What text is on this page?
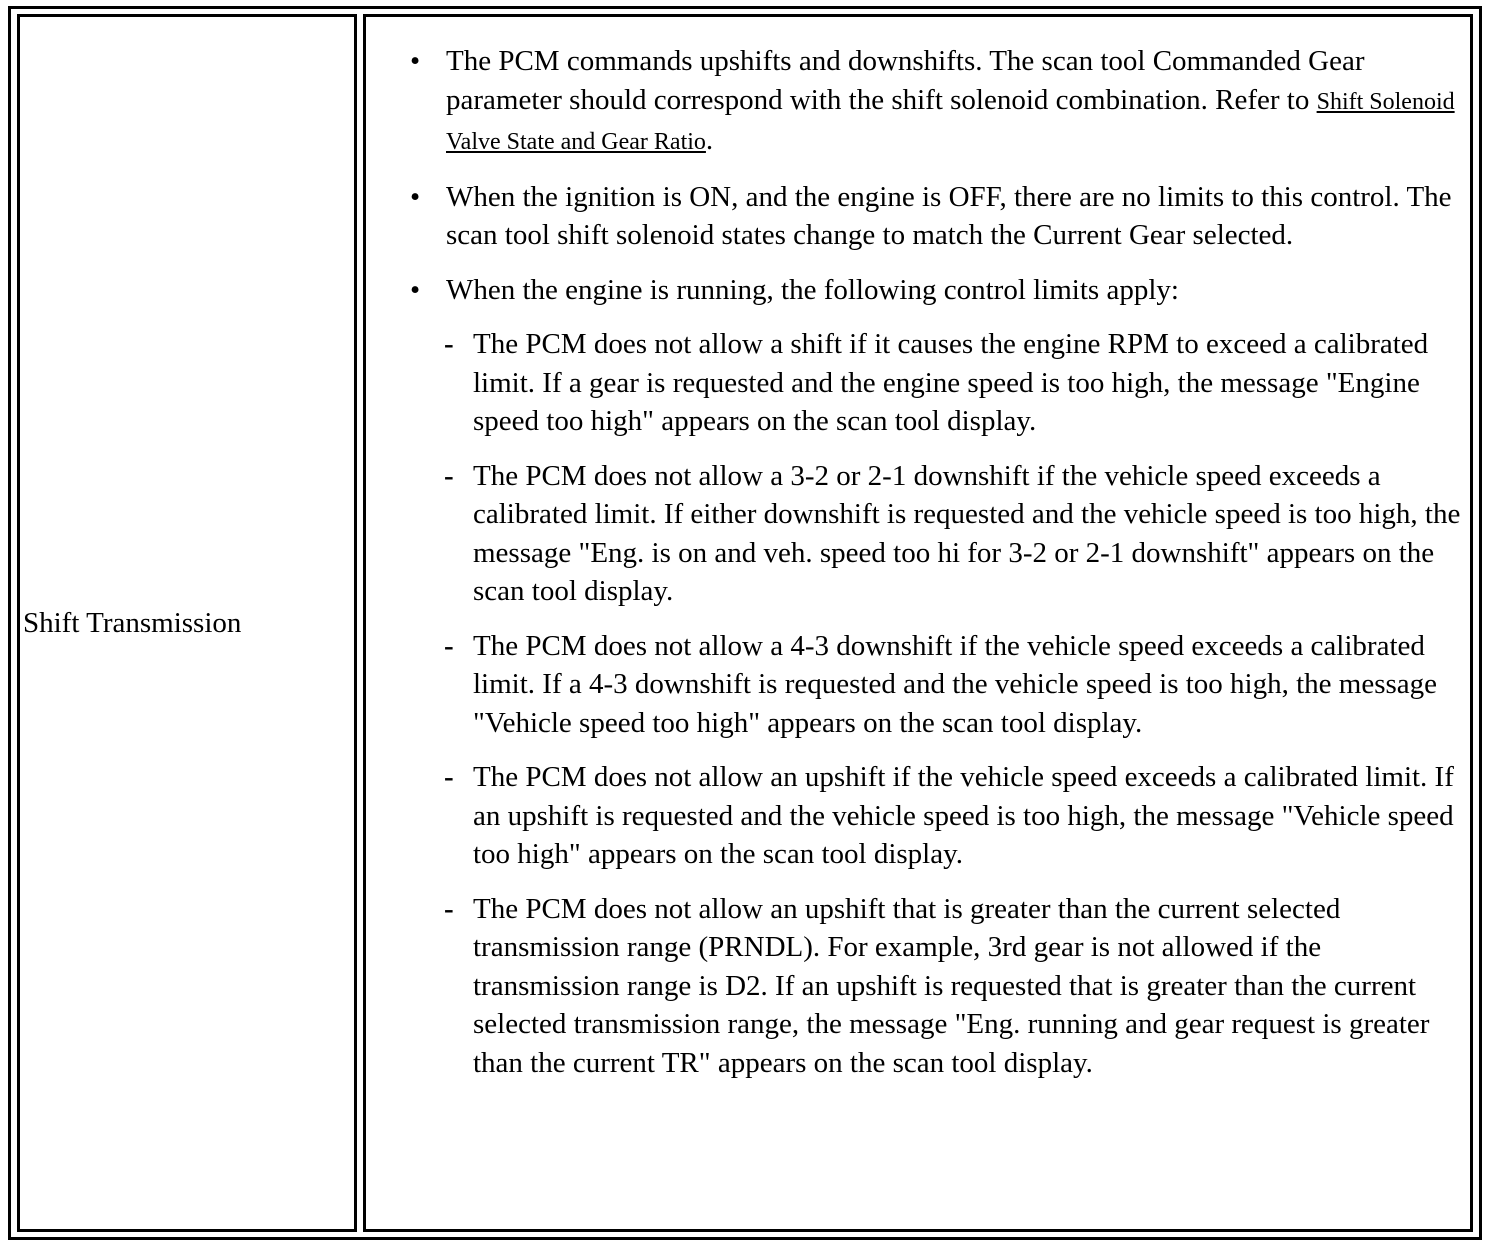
Shift Transmission
• The PCM commands upshifts and downshifts. The scan tool Commanded Gear parameter should correspond with the shift solenoid combination. Refer to Shift Solenoid Valve State and Gear Ratio.
• When the ignition is ON, and the engine is OFF, there are no limits to this control. The scan tool shift solenoid states change to match the Current Gear selected.
• When the engine is running, the following control limits apply:
- The PCM does not allow a shift if it causes the engine RPM to exceed a calibrated limit. If a gear is requested and the engine speed is too high, the message "Engine speed too high" appears on the scan tool display.
- The PCM does not allow a 3-2 or 2-1 downshift if the vehicle speed exceeds a calibrated limit. If either downshift is requested and the vehicle speed is too high, the message "Eng. is on and veh. speed too hi for 3-2 or 2-1 downshift" appears on the scan tool display.
- The PCM does not allow a 4-3 downshift if the vehicle speed exceeds a calibrated limit. If a 4-3 downshift is requested and the vehicle speed is too high, the message "Vehicle speed too high" appears on the scan tool display.
- The PCM does not allow an upshift if the vehicle speed exceeds a calibrated limit. If an upshift is requested and the vehicle speed is too high, the message "Vehicle speed too high" appears on the scan tool display.
- The PCM does not allow an upshift that is greater than the current selected transmission range (PRNDL). For example, 3rd gear is not allowed if the transmission range is D2. If an upshift is requested that is greater than the current selected transmission range, the message "Eng. running and gear request is greater than the current TR" appears on the scan tool display.
